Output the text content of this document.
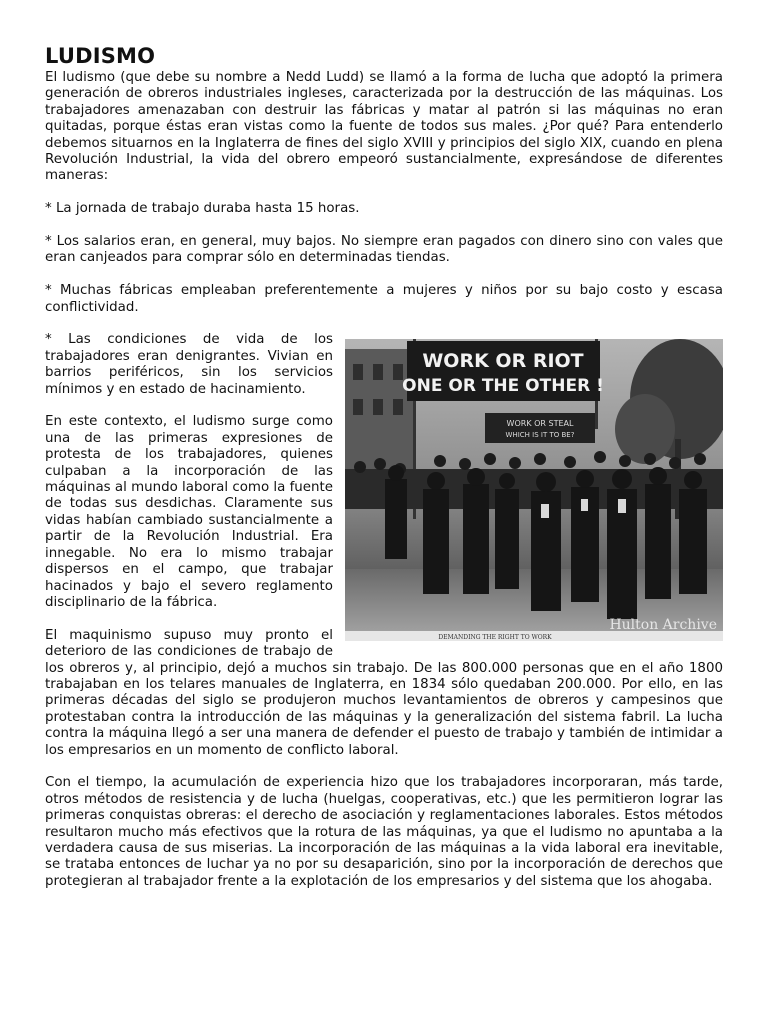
LUDISMO

El ludismo (que debe su nombre a Nedd Ludd) se llamó a la forma de lucha que adoptó la primera generación de obreros industriales ingleses, caracterizada por la destrucción de las máquinas. Los trabajadores amenazaban con destruir las fábricas y matar al patrón si las máquinas no eran quitadas, porque éstas eran vistas como la fuente de todos sus males. ¿Por qué? Para entenderlo debemos situarnos en la Inglaterra de fines del siglo XVIII y principios del siglo XIX, cuando en plena Revolución Industrial, la vida del obrero empeoró sustancialmente, expresándose de diferentes maneras:

* La jornada de trabajo duraba hasta 15 horas.

* Los salarios eran, en general, muy bajos. No siempre eran pagados con dinero sino con vales que eran canjeados para comprar sólo en determinadas tiendas.

* Muchas fábricas empleaban preferentemente a mujeres y niños por su bajo costo y escasa conflictividad.

WORK OR RIOT
ONE OR THE OTHER !
WORK OR STEAL
WHICH IS IT TO BE?
DEMANDING THE RIGHT TO WORK
Hulton Archive

* Las condiciones de vida de los trabajadores eran denigrantes. Vivian en barrios periféricos, sin los servicios mínimos y en estado de hacinamiento.

En este contexto, el ludismo surge como una de las primeras expresiones de protesta de los trabajadores, quienes culpaban a la incorporación de las máquinas al mundo laboral como la fuente de todas sus desdichas. Claramente sus vidas habían cambiado sustancialmente a partir de la Revolución Industrial. Era innegable. No era lo mismo trabajar dispersos en el campo, que trabajar hacinados y bajo el severo reglamento disciplinario de la fábrica.

El maquinismo supuso muy pronto el deterioro de las condiciones de trabajo de los obreros y, al principio, dejó a muchos sin trabajo. De las 800.000 personas que en el año 1800 trabajaban en los telares manuales de Inglaterra, en 1834 sólo quedaban 200.000. Por ello, en las primeras décadas del siglo se produjeron muchos levantamientos de obreros y campesinos que protestaban contra la introducción de las máquinas y la generalización del sistema fabril. La lucha contra la máquina llegó a ser una manera de defender el puesto de trabajo y también de intimidar a los empresarios en un momento de conflicto laboral.

Con el tiempo, la acumulación de experiencia hizo que los trabajadores incorporaran, más tarde, otros métodos de resistencia y de lucha (huelgas, cooperativas, etc.) que les permitieron lograr las primeras conquistas obreras: el derecho de asociación y reglamentaciones laborales. Estos métodos resultaron mucho más efectivos que la rotura de las máquinas, ya que el ludismo no apuntaba a la verdadera causa de sus miserias. La incorporación de las máquinas a la vida laboral era inevitable, se trataba entonces de luchar ya no por su desaparición, sino por la incorporación de derechos que protegieran al trabajador frente a la explotación de los empresarios y del sistema que los ahogaba.
